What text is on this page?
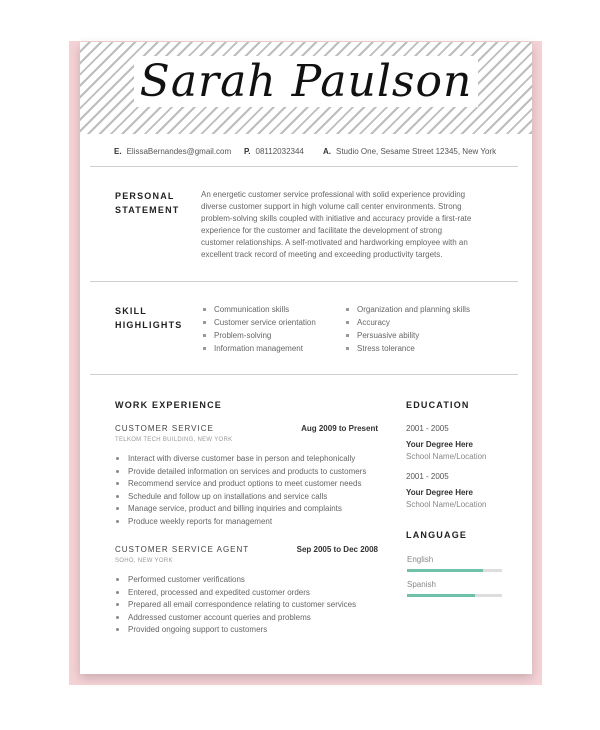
Sarah Paulson
E. ElissaBernandes@gmail.com P. 08112032344 A. Studio One, Sesame Street 12345, New York
PERSONAL
STATEMENT
An energetic customer service professional with solid experience providing
diverse customer support in high volume call center environments. Strong
problem-solving skills coupled with initiative and accuracy provide a first-rate
experience for the customer and facilitate the development of strong
customer relationships. A self-motivated and hardworking employee with an
excellent track record of meeting and exceeding productivity targets.
SKILL
HIGHLIGHTS
Communication skills
Customer service orientation
Problem-solving
Information management
Organization and planning skills
Accuracy
Persuasive ability
Stress tolerance
WORK EXPERIENCE
CUSTOMER SERVICE	Aug 2009 to Present
TELKOM TECH BUILDING, NEW YORK
Interact with diverse customer base in person and telephonically
Provide detailed information on services and products to customers
Recommend service and product options to meet customer needs
Schedule and follow up on installations and service calls
Manage service, product and billing inquiries and complaints
Produce weekly reports for management
CUSTOMER SERVICE AGENT	Sep 2005 to Dec 2008
SOHO, NEW YORK
Performed customer verifications
Entered, processed and expedited customer orders
Prepared all email correspondence relating to customer services
Addressed customer account queries and problems
Provided ongoing support to customers
EDUCATION
2001 - 2005
Your Degree Here
School Name/Location
2001 - 2005
Your Degree Here
School Name/Location
LANGUAGE
English
Spanish
